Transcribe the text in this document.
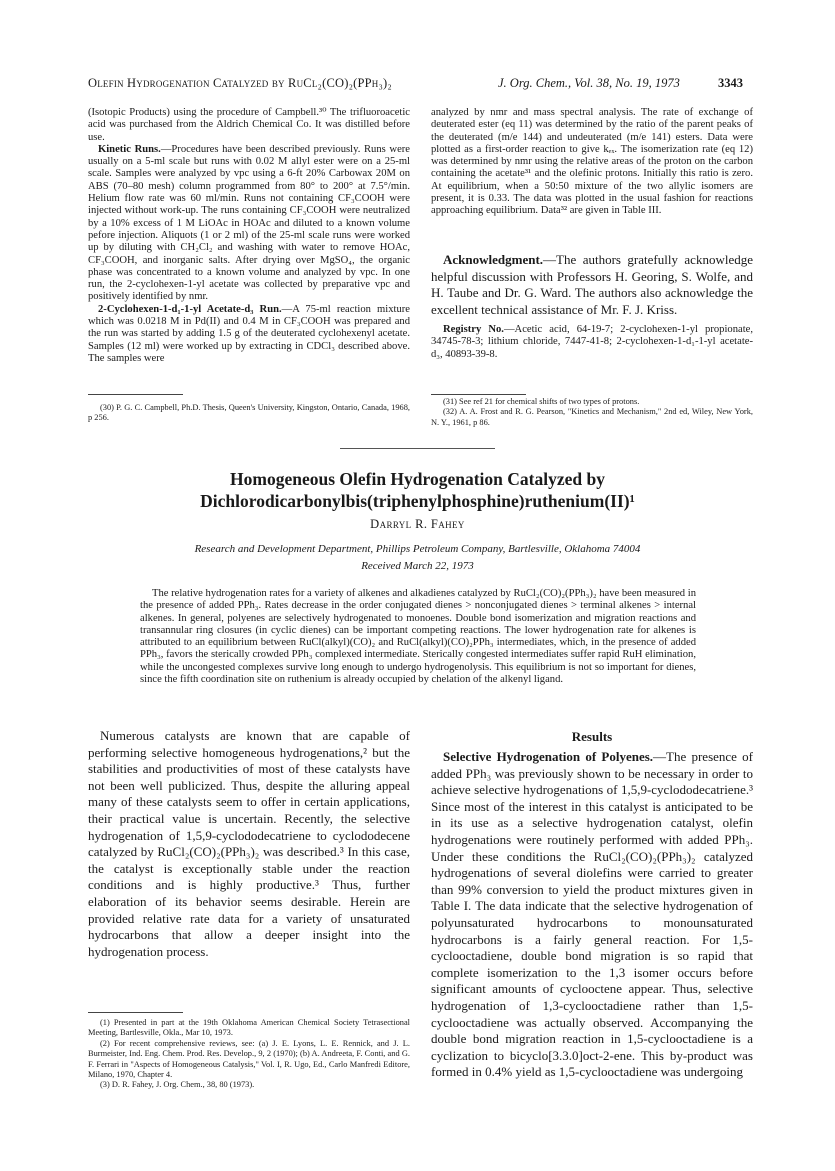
Olefin Hydrogenation Catalyzed by RuCl₂(CO)₂(PPh₃)₂	J. Org. Chem., Vol. 38, No. 19, 1973	3343

(Isotopic Products) using the procedure of Campbell.³⁰ The trifluoroacetic acid was purchased from the Aldrich Chemical Co. It was distilled before use.

Kinetic Runs.—Procedures have been described previously. Runs were usually on a 5-ml scale but runs with 0.02 M allyl ester were on a 25-ml scale. Samples were analyzed by vpc using a 6-ft 20% Carbowax 20M on ABS (70–80 mesh) column programmed from 80° to 200° at 7.5°/min. Helium flow rate was 60 ml/min. Runs not containing CF₃COOH were injected without work-up. The runs containing CF₃COOH were neutralized by a 10% excess of 1 M LiOAc in HOAc and diluted to a known volume pefore injection. Aliquots (1 or 2 ml) of the 25-ml scale runs were worked up by diluting with CH₂Cl₂ and washing with water to remove HOAc, CF₃COOH, and inorganic salts. After drying over MgSO₄, the organic phase was concentrated to a known volume and analyzed by vpc. In one run, the 2-cyclohexen-1-yl acetate was collected by preparative vpc and positively identified by nmr.

2-Cyclohexen-1-d₁-1-yl Acetate-d₃ Run.—A 75-ml reaction mixture which was 0.0218 M in Pd(II) and 0.4 M in CF₃COOH was prepared and the run was started by adding 1.5 g of the deuterated cyclohexenyl acetate. Samples (12 ml) were worked up by extracting in CDCl₃ described above. The samples were

analyzed by nmr and mass spectral analysis. The rate of exchange of deuterated ester (eq 11) was determined by the ratio of the parent peaks of the deuterated (m/e 144) and undeuterated (m/e 141) esters. Data were plotted as a first-order reaction to give kₑₓ. The isomerization rate (eq 12) was determined by nmr using the relative areas of the proton on the carbon containing the acetate³¹ and the olefinic protons. Initially this ratio is zero. At equilibrium, when a 50:50 mixture of the two allylic isomers are present, it is 0.33. The data was plotted in the usual fashion for reactions approaching equilibrium. Data³² are given in Table III.

Acknowledgment.—The authors gratefully acknowledge helpful discussion with Professors H. Georing, S. Wolfe, and H. Taube and Dr. G. Ward. The authors also acknowledge the excellent technical assistance of Mr. F. J. Kriss.
Registry No.—Acetic acid, 64-19-7; 2-cyclohexen-1-yl propionate, 34745-78-3; lithium chloride, 7447-41-8; 2-cyclohexen-1-d₁-1-yl acetate-d₃, 40893-39-8.
(30) P. G. C. Campbell, Ph.D. Thesis, Queen's University, Kingston, Ontario, Canada, 1968, p 256.
(31) See ref 21 for chemical shifts of two types of protons.
(32) A. A. Frost and R. G. Pearson, "Kinetics and Mechanism," 2nd ed, Wiley, New York, N. Y., 1961, p 86.
Homogeneous Olefin Hydrogenation Catalyzed by
Dichlorodicarbonylbis(triphenylphosphine)ruthenium(II)¹
Darryl R. Fahey
Research and Development Department, Phillips Petroleum Company, Bartlesville, Oklahoma 74004
Received March 22, 1973
The relative hydrogenation rates for a variety of alkenes and alkadienes catalyzed by RuCl₂(CO)₂(PPh₃)₂ have been measured in the presence of added PPh₃. Rates decrease in the order conjugated dienes > nonconjugated dienes > terminal alkenes > internal alkenes. In general, polyenes are selectively hydrogenated to monoenes. Double bond isomerization and migration reactions and transannular ring closures (in cyclic dienes) can be important competing reactions. The lower hydrogenation rate for alkenes is attributed to an equilibrium between RuCl(alkyl)(CO)₂ and RuCl(alkyl)(CO)₂PPh₃ intermediates, which, in the presence of added PPh₃, favors the sterically crowded PPh₃ complexed intermediate. Sterically congested intermediates suffer rapid RuH elimination, while the uncongested complexes survive long enough to undergo hydrogenolysis. This equilibrium is not so important for dienes, since the fifth coordination site on ruthenium is already occupied by chelation of the alkenyl ligand.
Numerous catalysts are known that are capable of performing selective homogeneous hydrogenations,² but the stabilities and productivities of most of these catalysts have not been well publicized. Thus, despite the alluring appeal many of these catalysts seem to offer in certain applications, their practical value is uncertain. Recently, the selective hydrogenation of 1,5,9-cyclododecatriene to cyclododecene catalyzed by RuCl₂(CO)₂(PPh₃)₂ was described.³ In this case, the catalyst is exceptionally stable under the reaction conditions and is highly productive.³ Thus, further elaboration of its behavior seems desirable. Herein are provided relative rate data for a variety of unsaturated hydrocarbons that allow a deeper insight into the hydrogenation process.
Results
Selective Hydrogenation of Polyenes.—The presence of added PPh₃ was previously shown to be necessary in order to achieve selective hydrogenations of 1,5,9-cyclododecatriene.³ Since most of the interest in this catalyst is anticipated to be in its use as a selective hydrogenation catalyst, olefin hydrogenations were routinely performed with added PPh₃. Under these conditions the RuCl₂(CO)₂(PPh₃)₂ catalyzed hydrogenations of several diolefins were carried to greater than 99% conversion to yield the product mixtures given in Table I. The data indicate that the selective hydrogenation of polyunsaturated hydrocarbons to monounsaturated hydrocarbons is a fairly general reaction. For 1,5-cyclooctadiene, double bond migration is so rapid that complete isomerization to the 1,3 isomer occurs before significant amounts of cyclooctene appear. Thus, selective hydrogenation of 1,3-cyclooctadiene rather than 1,5-cyclooctadiene was actually observed. Accompanying the double bond migration reaction in 1,5-cyclooctadiene is a cyclization to bicyclo[3.3.0]oct-2-ene. This by-product was formed in 0.4% yield as 1,5-cyclooctadiene was undergoing
(1) Presented in part at the 19th Oklahoma American Chemical Society Tetrasectional Meeting, Bartlesville, Okla., Mar 10, 1973.
(2) For recent comprehensive reviews, see: (a) J. E. Lyons, L. E. Rennick, and J. L. Burmeister, Ind. Eng. Chem. Prod. Res. Develop., 9, 2 (1970); (b) A. Andreeta, F. Conti, and G. F. Ferrari in "Aspects of Homogeneous Catalysis," Vol. I, R. Ugo, Ed., Carlo Manfredi Editore, Milano, 1970, Chapter 4.
(3) D. R. Fahey, J. Org. Chem., 38, 80 (1973).
